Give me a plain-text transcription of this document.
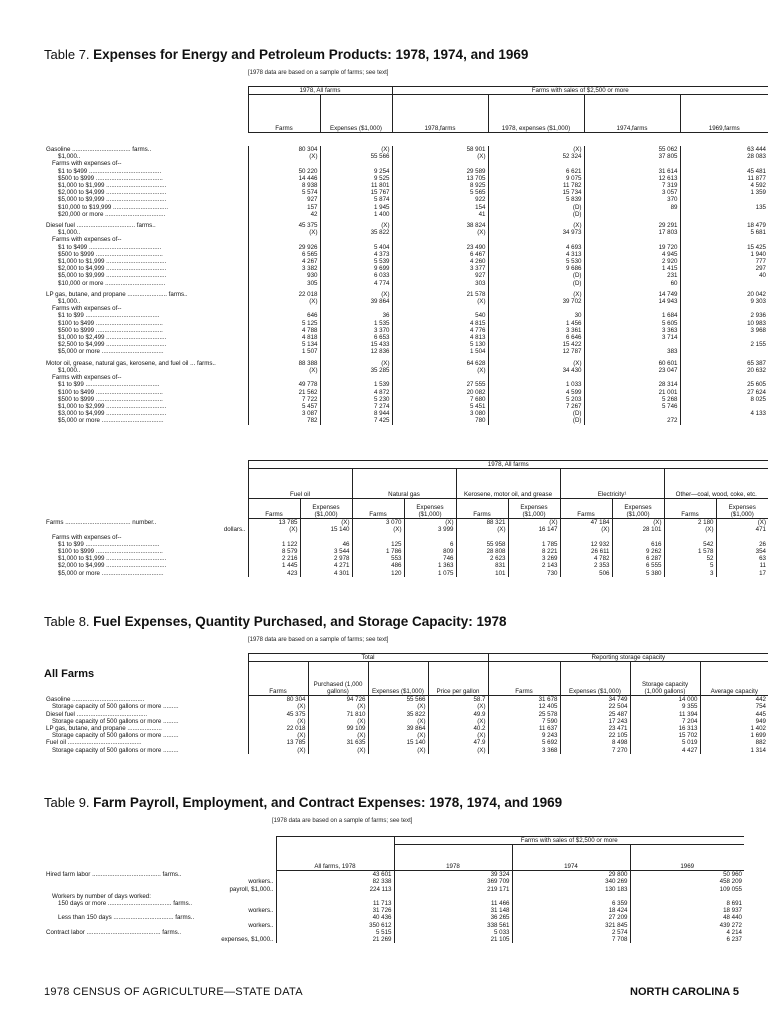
Table 7. Expenses for Energy and Petroleum Products: 1978, 1974, and 1969
[1978 data are based on a sample of farms; see text]
	1978, All farms		Farms with sales of $2,500 or more			
	Farms	Expenses ($1,000)	1978,farms	1978, expenses ($1,000)	1974,farms	1969,farms
Gasoline .................................. farms..	80 304	(X)	58 901	(X)	55 062	63 444
$1,000..	(X)	55 566	(X)	52 324	37 805	28 083
Farms with expenses of--						
$1 to $499 ..........................................	50 220	9 254	29 589	6 621	31 614	45 481
$500 to $999 .......................................	14 446	9 525	13 705	9 075	12 613	11 877
$1,000 to $1,999 ...................................	8 938	11 801	8 925	11 782	7 319	4 592
$2,000 to $4,999 ...................................	5 574	15 767	5 565	15 734	3 057	1 359
$5,000 to $9,999 ...................................	927	5 874	922	5 839	370	
$10,000 to $19,999 ................................	157	1 945	154	(D)	89	135
$20,000 or more ...................................	42	1 400	41	(D)		

Diesel fuel .................................. farms..	45 375	(X)	38 824	(X)	29 291	18 479
$1,000..	(X)	35 822	(X)	34 973	17 803	5 681
Farms with expenses of--						
$1 to $499 ..........................................	29 926	5 404	23 490	4 693	19 720	15 425
$500 to $999 .......................................	6 565	4 373	6 467	4 313	4 945	1 940
$1,000 to $1,999 ...................................	4 267	5 539	4 260	5 530	2 920	777
$2,000 to $4,999 ...................................	3 382	9 699	3 377	9 686	1 415	297
$5,000 to $9,999 ...................................	930	6 033	927	(D)	231	40
$10,000 or more ...................................	305	4 774	303	(D)	60	

LP gas, butane, and propane ....................... farms..	22 018	(X)	21 578	(X)	14 749	20 042
$1,000..	(X)	39 864	(X)	39 702	14 943	9 303
Farms with expenses of--						
$1 to $99 ...........................................	646	36	540	30	1 684	2 936
$100 to $499 .......................................	5 125	1 535	4 815	1 456	5 605	10 983
$500 to $999 .......................................	4 788	3 370	4 776	3 361	3 363	3 968
$1,000 to $2,499 ...................................	4 818	6 653	4 813	6 646	3 714	
$2,500 to $4,999 ...................................	5 134	15 433	5 130	15 422		2 155
$5,000 or more ....................................	1 507	12 836	1 504	12 787	383	

Motor oil, grease, natural gas, kerosene, and fuel oil ... farms..	88 388	(X)	64 628	(X)	60 601	65 387
$1,000..	(X)	35 285	(X)	34 430	23 047	20 632
Farms with expenses of--						
$1 to $99 ...........................................	49 778	1 539	27 555	1 033	28 314	25 605
$100 to $499 .......................................	21 562	4 872	20 082	4 599	21 001	27 624
$500 to $999 .......................................	7 722	5 230	7 680	5 203	5 268	8 025
$1,000 to $2,999 ...................................	5 457	7 274	5 451	7 267	5 746	
$3,000 to $4,999 ...................................	3 087	8 944	3 080	(D)		4 133
$5,000 or more ....................................	782	7 425	780	(D)	272	
	1978, All farms									
	Fuel oil		Natural gas		Kerosene, motor oil, and grease		Electricity¹		Other—coal, wood, coke, etc.	
	Farms	Expenses ($1,000)	Farms	Expenses ($1,000)	Farms	Expenses ($1,000)	Farms	Expenses ($1,000)	Farms	Expenses ($1,000)
Farms ...................................... number..	13 785	(X)	3 070	(X)	88 321	(X)	47 184	(X)	2 180	(X)
dollars..	(X)	15 140	(X)	3 999	(X)	16 147	(X)	28 101	(X)	471
Farms with expenses of--										
$1 to $99 ...........................................	1 122	46	125	6	55 958	1 785	12 932	616	542	26
$100 to $999 .......................................	8 579	3 544	1 786	809	28 808	8 221	26 611	9 262	1 578	354
$1,000 to $1,999 ...................................	2 216	2 978	553	746	2 623	3 269	4 782	6 287	52	63
$2,000 to $4,999 ...................................	1 445	4 271	486	1 363	831	2 143	2 353	6 555	5	11
$5,000 or more ....................................	423	4 301	120	1 075	101	730	506	5 380	3	17
Table 8. Fuel Expenses, Quantity Purchased, and Storage Capacity: 1978
[1978 data are based on a sample of farms; see text]
All Farms
	Total				Reporting storage capacity			
	Farms	Purchased (1,000 gallons)	Expenses ($1,000)	Price per gallon	Farms	Expenses ($1,000)	Storage capacity (1,000 gallons)	Average capacity
Gasoline ..........................................	80 304	94 726	55 566	58.7	31 678	34 749	14 000	442
Storage capacity of 500 gallons or more .........	(X)	(X)	(X)	(X)	12 405	22 504	9 355	754
Diesel fuel .........................................	45 375	71 810	35 822	49.9	25 578	25 487	11 394	445
Storage capacity of 500 gallons or more .........	(X)	(X)	(X)	(X)	7 590	17 243	7 204	949
LP gas, butane, and propane ....................	22 018	99 109	39 864	40.2	11 637	23 471	16 313	1 402
Storage capacity of 500 gallons or more .........	(X)	(X)	(X)	(X)	9 243	22 105	15 702	1 699
Fuel oil ...........................................	13 785	31 635	15 140	47.9	5 692	8 498	5 019	882
Storage capacity of 500 gallons or more .........	(X)	(X)	(X)	(X)	3 368	7 270	4 427	1 314
Table 9. Farm Payroll, Employment, and Contract Expenses: 1978, 1974, and 1969
[1978 data are based on a sample of farms; see text]
	All farms, 1978	Farms with sales of $2,500 or more		
		1978	1974	1969
Hired farm labor ........................................ farms..	43 601	39 324	29 800	50 960
workers..	82 338	369 709	340 269	458 209
payroll, $1,000..	224 113	219 171	130 183	109 055
Workers by number of days worked:				
150 days or more ..................................... farms..	11 713	11 466	6 359	8 691
workers..	31 726	31 148	18 424	18 937
Less than 150 days ................................... farms..	40 436	36 265	27 209	48 440
workers..	350 612	338 561	321 845	439 272
Contract labor ........................................... farms..	5 515	5 033	2 574	4 214
expenses, $1,000..	21 269	21 105	7 708	6 237
1978 CENSUS OF AGRICULTURE—STATE DATA	NORTH CAROLINA 5
